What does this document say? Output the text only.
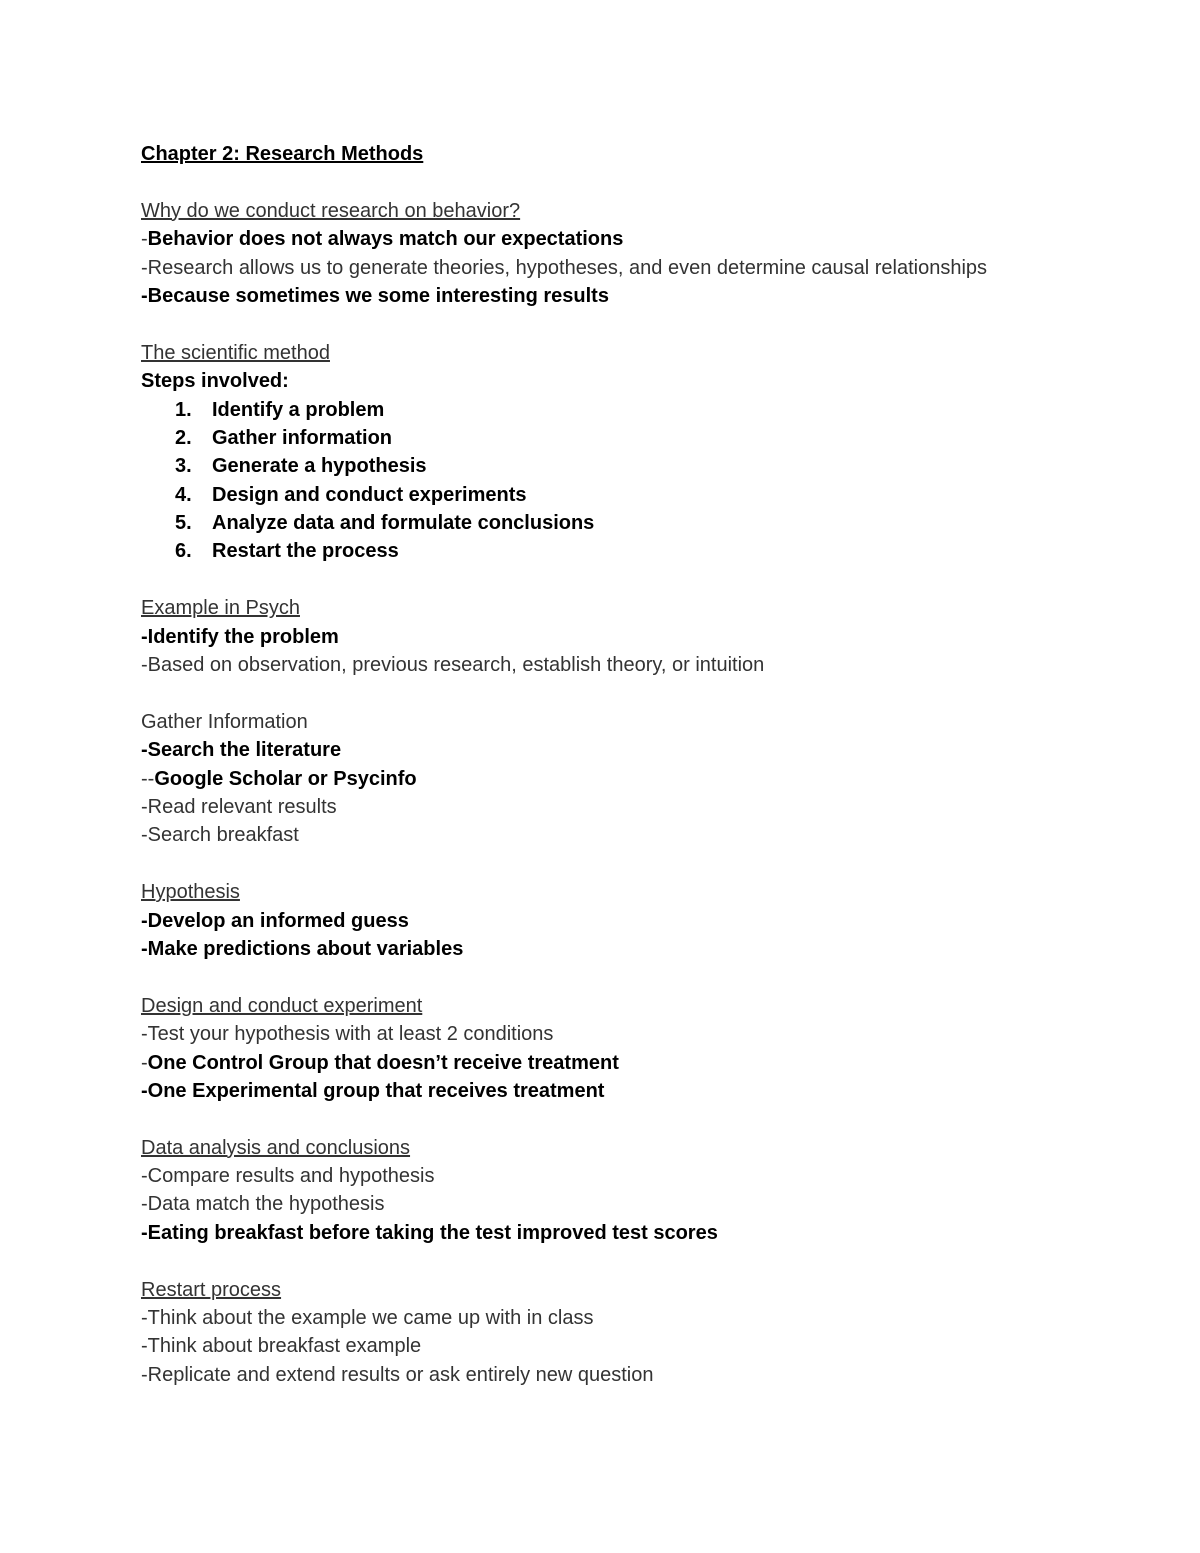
Chapter 2: Research Methods
Why do we conduct research on behavior?
-Behavior does not always match our expectations
-Research allows us to generate theories, hypotheses, and even determine causal relationships
-Because sometimes we some interesting results
The scientific method
Steps involved:
1.	Identify a problem
2.	Gather information
3.	Generate a hypothesis
4.	Design and conduct experiments
5.	Analyze data and formulate conclusions
6.	Restart the process
Example in Psych
-Identify the problem
-Based on observation, previous research, establish theory, or intuition
Gather Information
-Search the literature
--Google Scholar or Psycinfo
-Read relevant results
-Search breakfast
Hypothesis
-Develop an informed guess
-Make predictions about variables
Design and conduct experiment
-Test your hypothesis with at least 2 conditions
-One Control Group that doesn’t receive treatment
-One Experimental group that receives treatment
Data analysis and conclusions
-Compare results and hypothesis
-Data match the hypothesis
-Eating breakfast before taking the test improved test scores
Restart process
-Think about the example we came up with in class
-Think about breakfast example
-Replicate and extend results or ask entirely new question
